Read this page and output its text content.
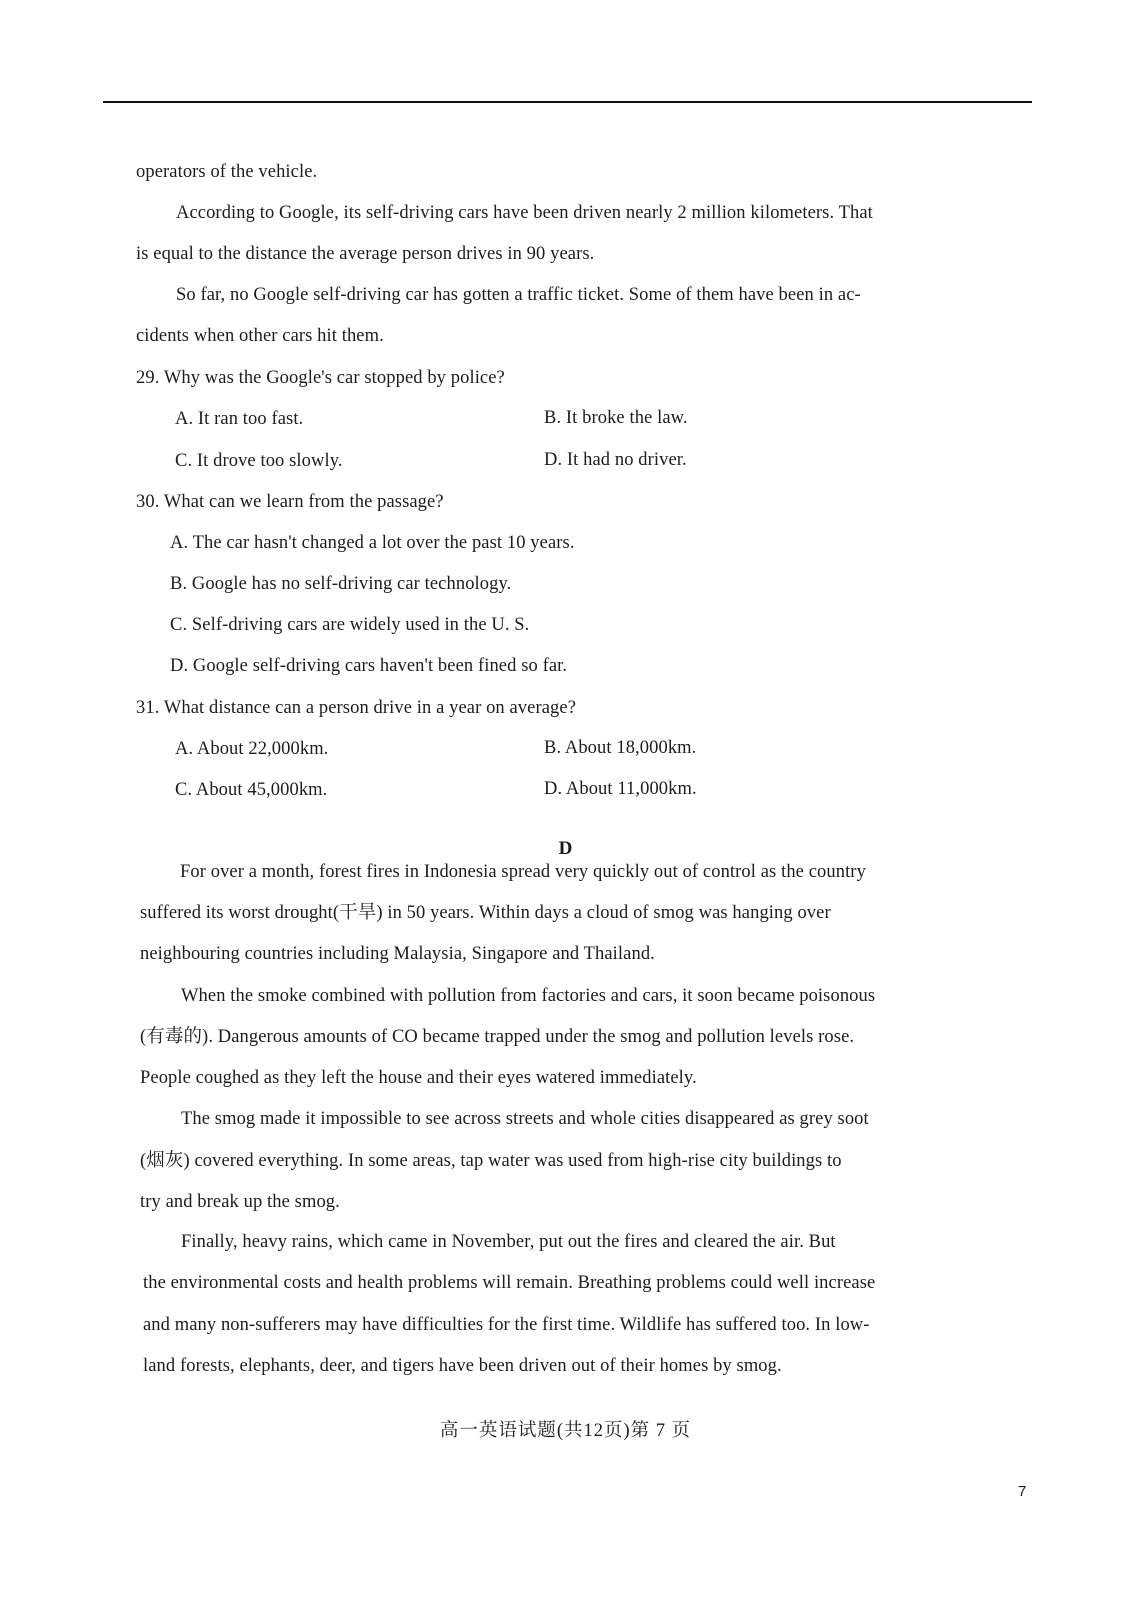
operators of the vehicle.
According to Google, its self-driving cars have been driven nearly 2 million kilometers. That
is equal to the distance the average person drives in 90 years.
So far, no Google self-driving car has gotten a traffic ticket. Some of them have been in ac-
cidents when other cars hit them.
29. Why was the Google's car stopped by police?
A. It ran too fast.	B. It broke the law.
C. It drove too slowly.	D. It had no driver.
30. What can we learn from the passage?
A. The car hasn't changed a lot over the past 10 years.
B. Google has no self-driving car technology.
C. Self-driving cars are widely used in the U. S.
D. Google self-driving cars haven't been fined so far.
31. What distance can a person drive in a year on average?
A. About 22,000km.	B. About 18,000km.
C. About 45,000km.	D. About 11,000km.
D
For over a month, forest fires in Indonesia spread very quickly out of control as the country
suffered its worst drought(干旱) in 50 years. Within days a cloud of smog was hanging over
neighbouring countries including Malaysia, Singapore and Thailand.
When the smoke combined with pollution from factories and cars, it soon became poisonous
(有毒的). Dangerous amounts of CO became trapped under the smog and pollution levels rose.
People coughed as they left the house and their eyes watered immediately.
The smog made it impossible to see across streets and whole cities disappeared as grey soot
(烟灰) covered everything. In some areas, tap water was used from high-rise city buildings to
try and break up the smog.
Finally, heavy rains, which came in November, put out the fires and cleared the air. But
the environmental costs and health problems will remain. Breathing problems could well increase
and many non-sufferers may have difficulties for the first time. Wildlife has suffered too. In low-
land forests, elephants, deer, and tigers have been driven out of their homes by smog.
高一英语试题(共12页)第 7 页
7
